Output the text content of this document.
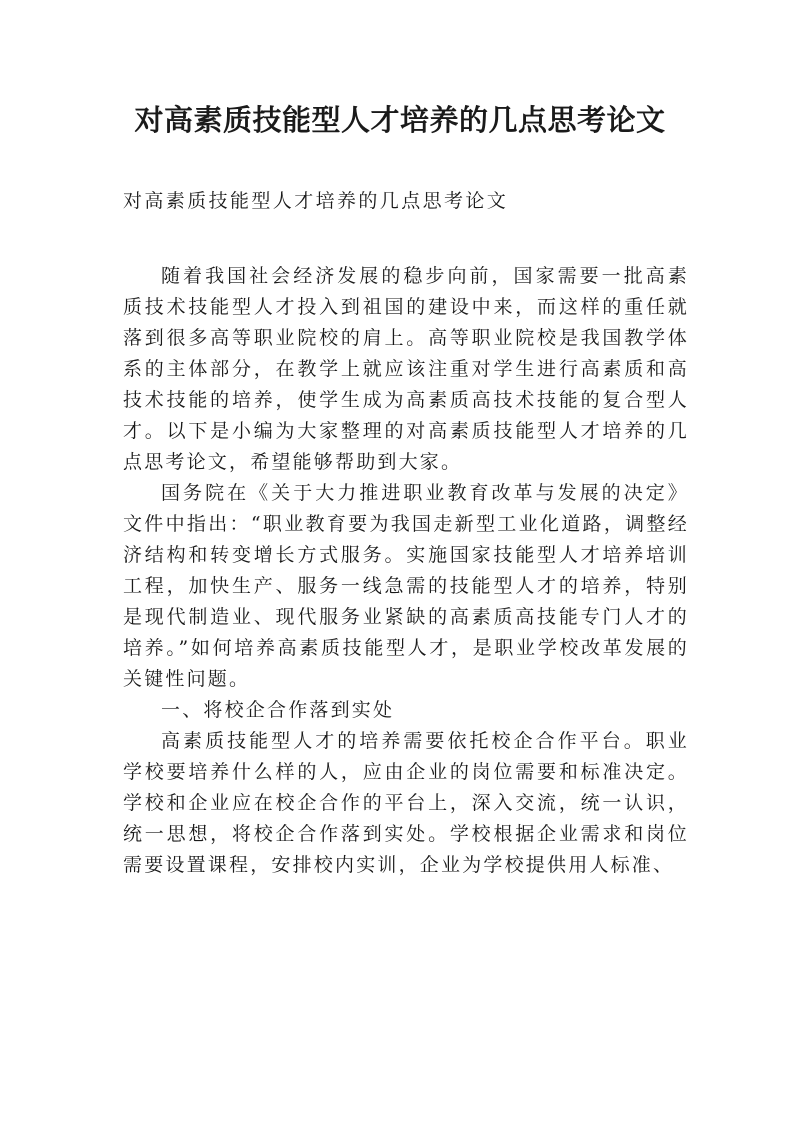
对高素质技能型人才培养的几点思考论文

对高素质技能型人才培养的几点思考论文

随着我国社会经济发展的稳步向前，国家需要一批高素质技术技能型人才投入到祖国的建设中来，而这样的重任就落到很多高等职业院校的肩上。高等职业院校是我国教学体系的主体部分，在教学上就应该注重对学生进行高素质和高技术技能的培养，使学生成为高素质高技术技能的复合型人才。以下是小编为大家整理的对高素质技能型人才培养的几点思考论文，希望能够帮助到大家。

国务院在《关于大力推进职业教育改革与发展的决定》文件中指出：“职业教育要为我国走新型工业化道路，调整经济结构和转变增长方式服务。实施国家技能型人才培养培训工程，加快生产、服务一线急需的技能型人才的培养，特别是现代制造业、现代服务业紧缺的高素质高技能专门人才的培养。”如何培养高素质技能型人才，是职业学校改革发展的关键性问题。

一、将校企合作落到实处

高素质技能型人才的培养需要依托校企合作平台。职业学校要培养什么样的人，应由企业的岗位需要和标准决定。学校和企业应在校企合作的平台上，深入交流，统一认识，统一思想，将校企合作落到实处。学校根据企业需求和岗位需要设置课程，安排校内实训，企业为学校提供用人标准、
